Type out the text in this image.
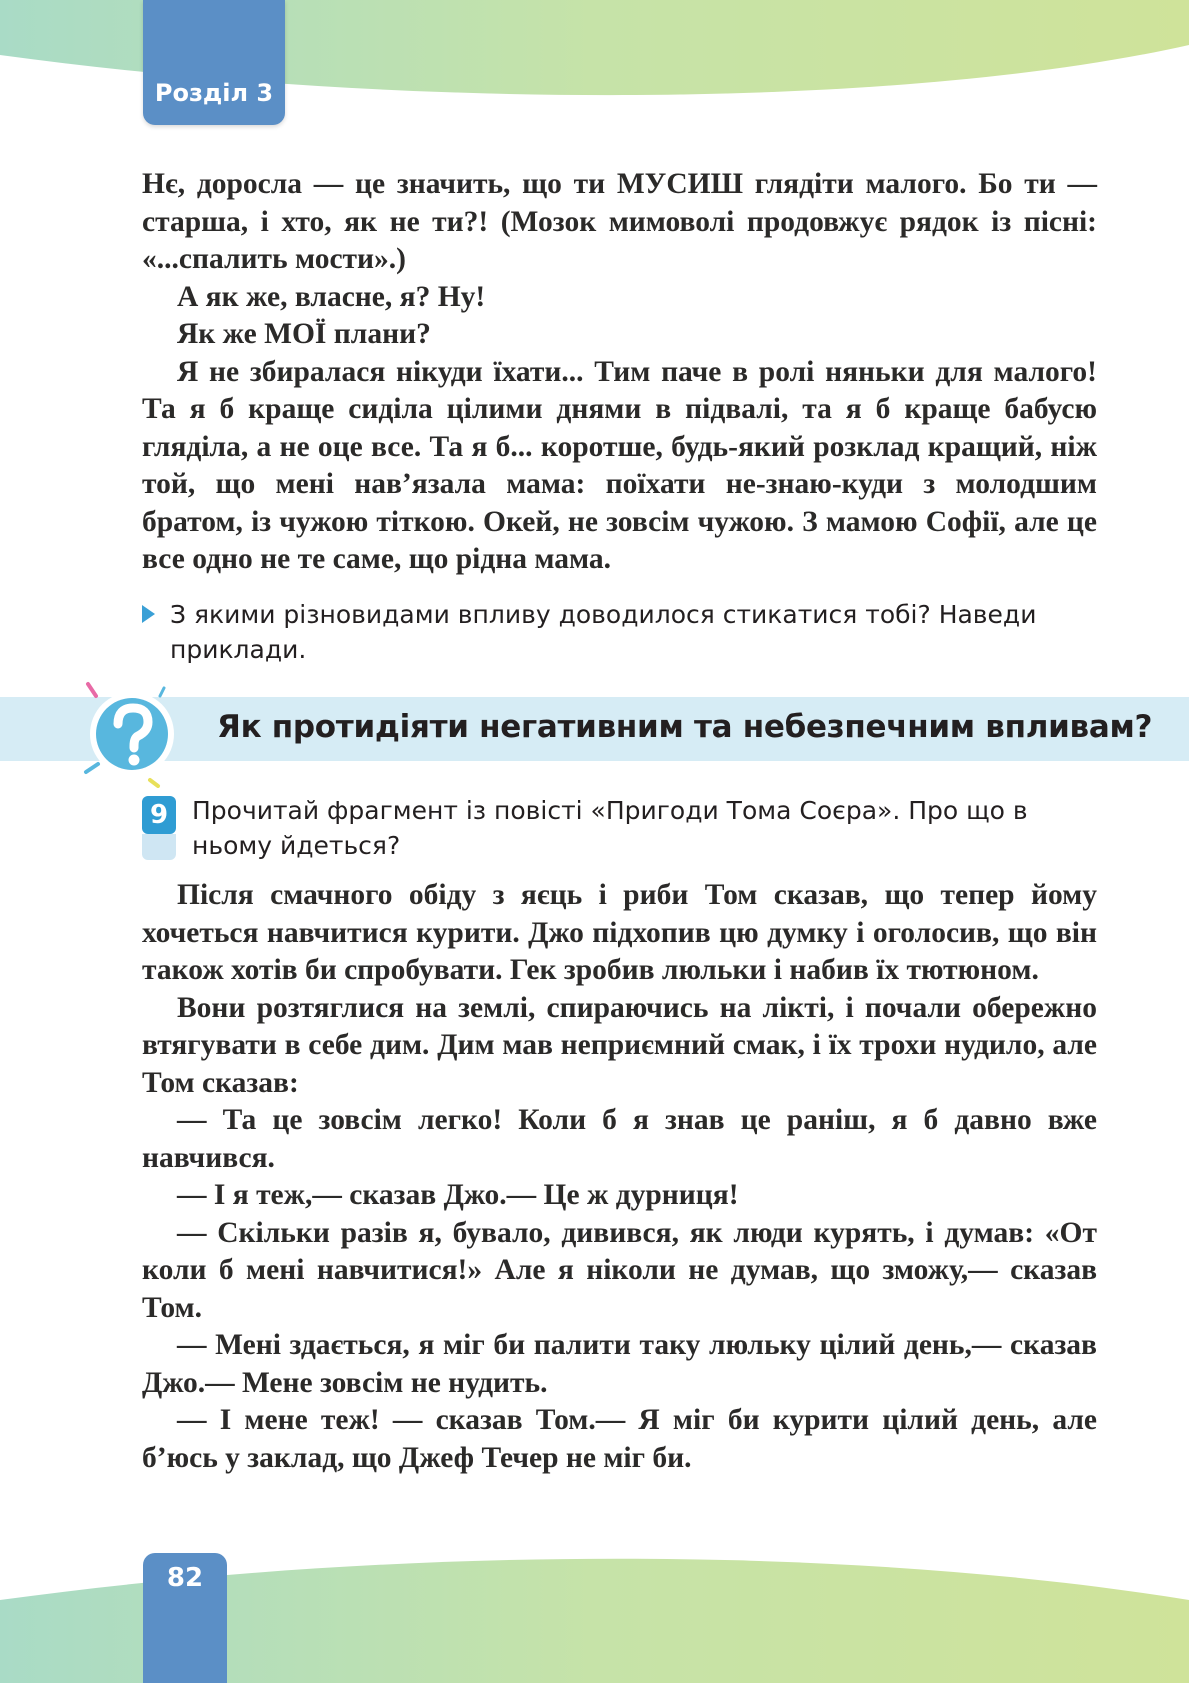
Розділ 3

Нє, доросла — це значить, що ти МУСИШ глядіти малого. Бо ти — старша, і хто, як не ти?! (Мозок мимоволі продовжує рядок із пісні: «...спалить мости».)

А як же, власне, я? Ну!

Як же МОЇ плани?

Я не збиралася нікуди їхати... Тим паче в ролі няньки для малого! Та я б краще сиділа цілими днями в підвалі, та я б краще бабусю гляділа, а не оце все. Та я б... коротше, будь-який розклад кращий, ніж той, що мені нав’язала мама: поїхати не-знаю-куди з молодшим братом, із чужою тіткою. Окей, не зовсім чужою. З мамою Софії, але це все одно не те саме, що рідна мама.

З якими різновидами впливу доводилося стикатися тобі? Наведи приклади.
Як протидіяти негативним та небезпечним впливам?
9 Прочитай фрагмент із повісті «Пригоди Тома Соєра». Про що в ньому йдеться?

Після смачного обіду з яєць і риби Том сказав, що тепер йому хочеться навчитися курити. Джо підхопив цю думку і оголосив, що він також хотів би спробувати. Гек зробив люльки і набив їх тютюном.

Вони розтяглися на землі, спираючись на лікті, і почали обережно втягувати в себе дим. Дим мав неприємний смак, і їх трохи нудило, але Том сказав:

— Та це зовсім легко! Коли б я знав це раніш, я б давно вже навчився.

— І я теж,— сказав Джо.— Це ж дурниця!

— Скільки разів я, бувало, дивився, як люди курять, і думав: «От коли б мені навчитися!» Але я ніколи не думав, що зможу,— сказав Том.

— Мені здається, я міг би палити таку люльку цілий день,— сказав Джо.— Мене зовсім не нудить.

— І мене теж! — сказав Том.— Я міг би курити цілий день, але б’юсь у заклад, що Джеф Течер не міг би.

82
